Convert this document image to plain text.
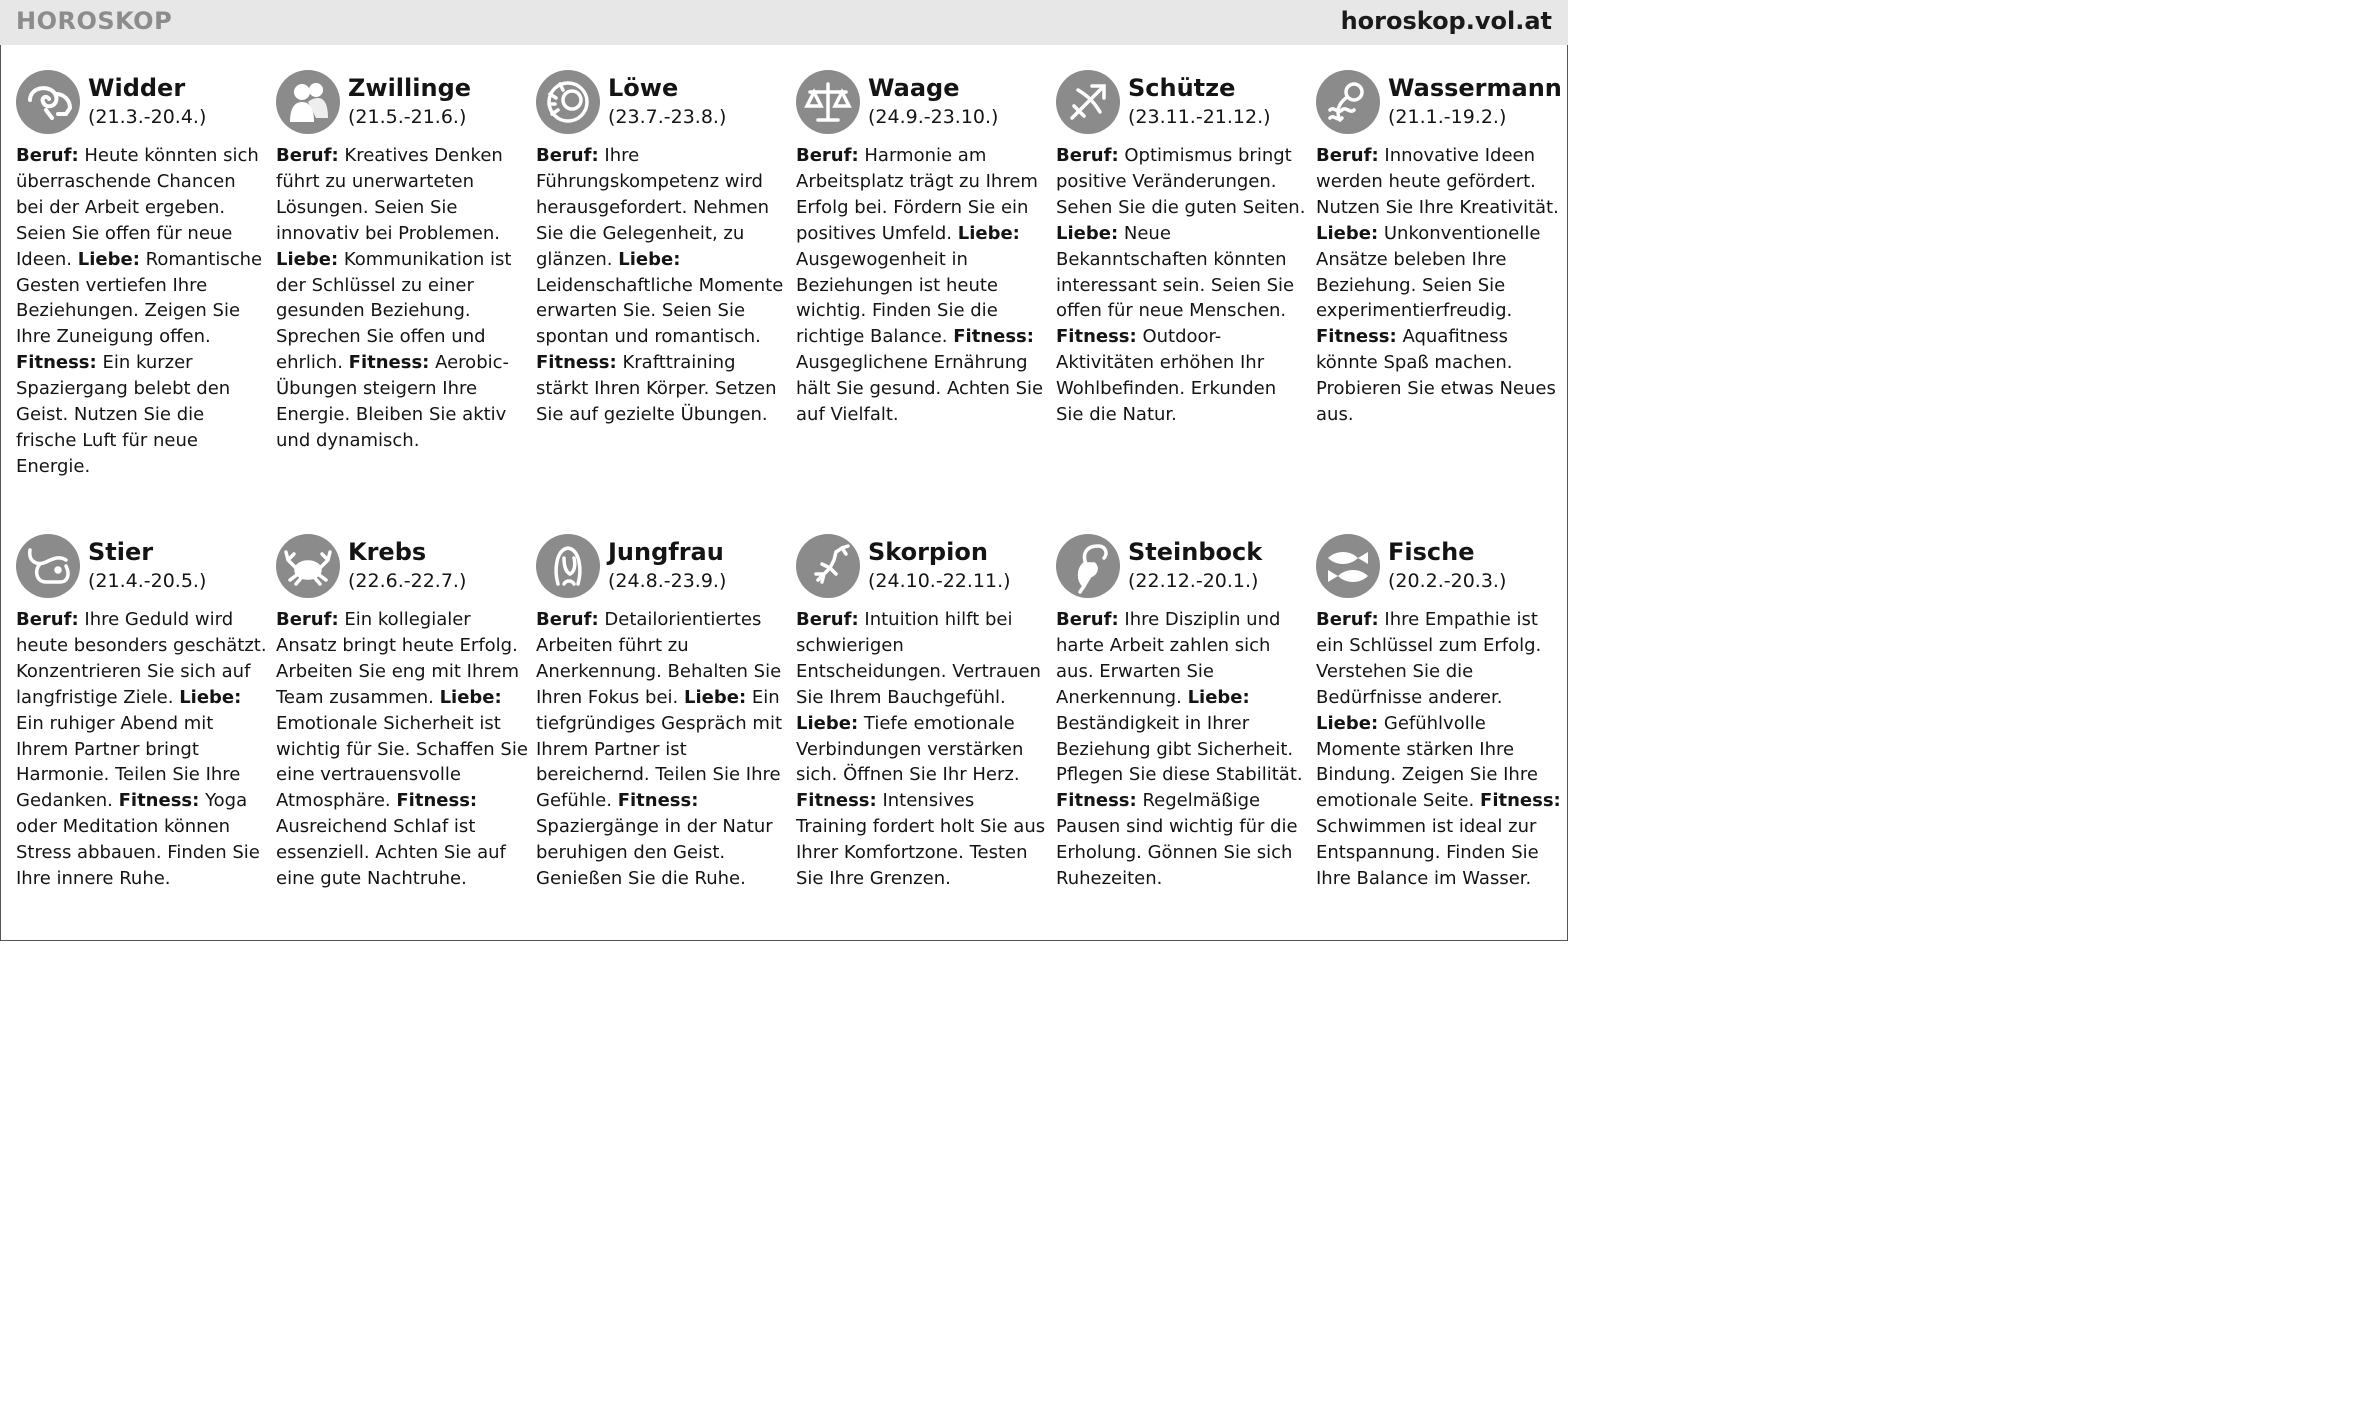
HOROSKOP	horoskop.vol.at
Widder
(21.3.-20.4.)
Beruf: Heute könnten sich überraschende Chancen bei der Arbeit ergeben. Seien Sie offen für neue Ideen. Liebe: Romantische Gesten vertiefen Ihre Beziehungen. Zeigen Sie Ihre Zuneigung offen. Fitness: Ein kurzer Spaziergang belebt den Geist. Nutzen Sie die frische Luft für neue Energie.
Zwillinge
(21.5.-21.6.)
Beruf: Kreatives Denken führt zu unerwarteten Lösungen. Seien Sie innovativ bei Problemen. Liebe: Kommunikation ist der Schlüssel zu einer gesunden Beziehung. Sprechen Sie offen und ehrlich. Fitness: Aerobic-Übungen steigern Ihre Energie. Bleiben Sie aktiv und dynamisch.
Löwe
(23.7.-23.8.)
Beruf: Ihre Führungskompetenz wird herausgefordert. Nehmen Sie die Gelegenheit, zu glänzen. Liebe: Leidenschaftliche Momente erwarten Sie. Seien Sie spontan und romantisch. Fitness: Krafttraining stärkt Ihren Körper. Setzen Sie auf gezielte Übungen.
Waage
(24.9.-23.10.)
Beruf: Harmonie am Arbeitsplatz trägt zu Ihrem Erfolg bei. Fördern Sie ein positives Umfeld. Liebe: Ausgewogenheit in Beziehungen ist heute wichtig. Finden Sie die richtige Balance. Fitness: Ausgeglichene Ernährung hält Sie gesund. Achten Sie auf Vielfalt.
Schütze
(23.11.-21.12.)
Beruf: Optimismus bringt positive Veränderungen. Sehen Sie die guten Seiten. Liebe: Neue Bekanntschaften könnten interessant sein. Seien Sie offen für neue Menschen. Fitness: Outdoor-Aktivitäten erhöhen Ihr Wohlbefinden. Erkunden Sie die Natur.
Wassermann
(21.1.-19.2.)
Beruf: Innovative Ideen werden heute gefördert. Nutzen Sie Ihre Kreativität. Liebe: Unkonventionelle Ansätze beleben Ihre Beziehung. Seien Sie experimentierfreudig. Fitness: Aquafitness könnte Spaß machen. Probieren Sie etwas Neues aus.
Stier
(21.4.-20.5.)
Beruf: Ihre Geduld wird heute besonders geschätzt. Konzentrieren Sie sich auf langfristige Ziele. Liebe: Ein ruhiger Abend mit Ihrem Partner bringt Harmonie. Teilen Sie Ihre Gedanken. Fitness: Yoga oder Meditation können Stress abbauen. Finden Sie Ihre innere Ruhe.
Krebs
(22.6.-22.7.)
Beruf: Ein kollegialer Ansatz bringt heute Erfolg. Arbeiten Sie eng mit Ihrem Team zusammen. Liebe: Emotionale Sicherheit ist wichtig für Sie. Schaffen Sie eine vertrauensvolle Atmosphäre. Fitness: Ausreichend Schlaf ist essenziell. Achten Sie auf eine gute Nachtruhe.
Jungfrau
(24.8.-23.9.)
Beruf: Detailorientiertes Arbeiten führt zu Anerkennung. Behalten Sie Ihren Fokus bei. Liebe: Ein tiefgründiges Gespräch mit Ihrem Partner ist bereichernd. Teilen Sie Ihre Gefühle. Fitness: Spaziergänge in der Natur beruhigen den Geist. Genießen Sie die Ruhe.
Skorpion
(24.10.-22.11.)
Beruf: Intuition hilft bei schwierigen Entscheidungen. Vertrauen Sie Ihrem Bauchgefühl. Liebe: Tiefe emotionale Verbindungen verstärken sich. Öffnen Sie Ihr Herz. Fitness: Intensives Training fordert holt Sie aus Ihrer Komfortzone. Testen Sie Ihre Grenzen.
Steinbock
(22.12.-20.1.)
Beruf: Ihre Disziplin und harte Arbeit zahlen sich aus. Erwarten Sie Anerkennung. Liebe: Beständigkeit in Ihrer Beziehung gibt Sicherheit. Pflegen Sie diese Stabilität. Fitness: Regelmäßige Pausen sind wichtig für die Erholung. Gönnen Sie sich Ruhezeiten.
Fische
(20.2.-20.3.)
Beruf: Ihre Empathie ist ein Schlüssel zum Erfolg. Verstehen Sie die Bedürfnisse anderer. Liebe: Gefühlvolle Momente stärken Ihre Bindung. Zeigen Sie Ihre emotionale Seite. Fitness: Schwimmen ist ideal zur Entspannung. Finden Sie Ihre Balance im Wasser.
